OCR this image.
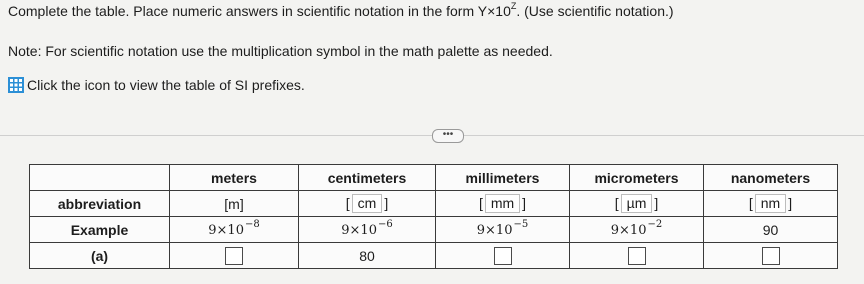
Complete the table. Place numeric answers in scientific notation in the form $Y\times 10^Z$. (Use scientific notation.)
Note: For scientific notation use the multiplication symbol in the math palette as needed.
Click the icon to view the table of SI prefixes.
•••
	meters	centimeters	millimeters	micrometers	nanometers
abbreviation	[m]	[ cm ]	[ mm ]	[ µm ]	[ nm ]
Example	$9\times 10^{-8}$	$9\times 10^{-6}$	$9\times 10^{-5}$	$9\times 10^{-2}$	90
(a)		80			
